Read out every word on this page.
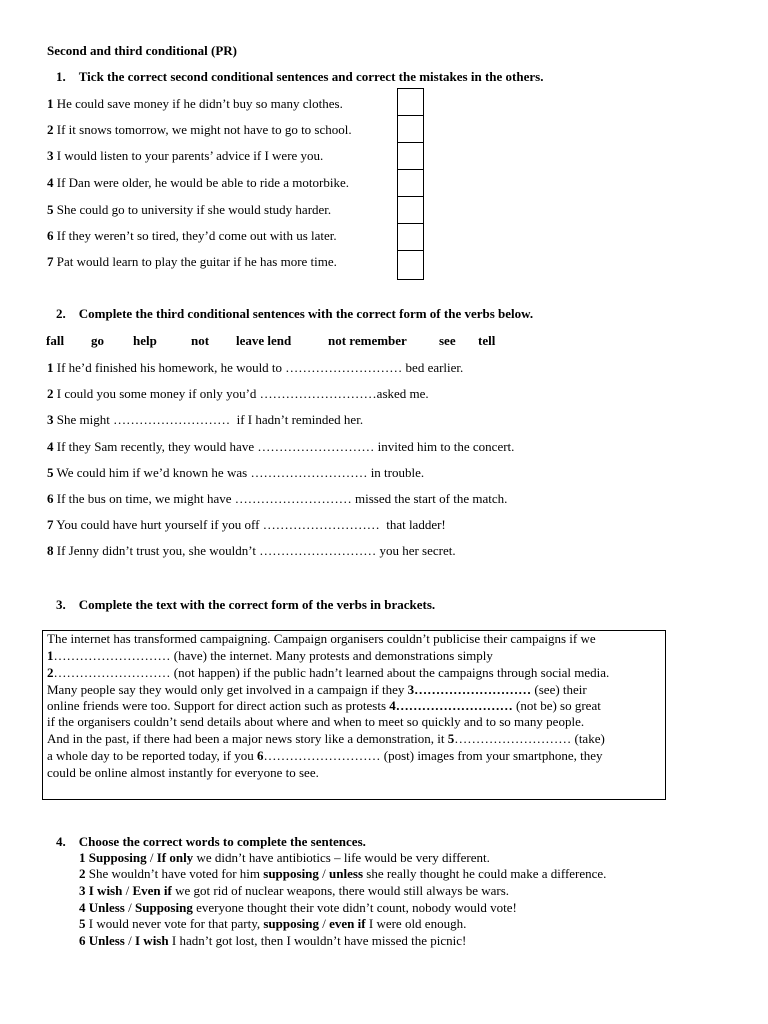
Second and third conditional (PR)
1. Tick the correct second conditional sentences and correct the mistakes in the others.
1 He could save money if he didn’t buy so many clothes.
2 If it snows tomorrow, we might not have to go to school.
3 I would listen to your parents’ advice if I were you.
4 If Dan were older, he would be able to ride a motorbike.
5 She could go to university if she would study harder.
6 If they weren’t so tired, they’d come out with us later.
7 Pat would learn to play the guitar if he has more time.
2. Complete the third conditional sentences with the correct form of the verbs below.
fall go help	not leave lend	not remember see tell
1 If he’d finished his homework, he would to ……………………… bed earlier.
2 I could you some money if only you’d ………………………asked me.
3 She might ………………………  if I hadn’t reminded her.
4 If they Sam recently, they would have ……………………… invited him to the concert.
5 We could him if we’d known he was ……………………… in trouble.
6 If the bus on time, we might have ……………………… missed the start of the match.
7 You could have hurt yourself if you off ………………………  that ladder!
8 If Jenny didn’t trust you, she wouldn’t ……………………… you her secret.
3. Complete the text with the correct form of the verbs in brackets.
The internet has transformed campaigning. Campaign organisers couldn’t publicise their campaigns if we
1……………………… (have) the internet. Many protests and demonstrations simply
2……………………… (not happen) if the public hadn’t learned about the campaigns through social media.
Many people say they would only get involved in a campaign if they 3……………………… (see) their
online friends were too. Support for direct action such as protests 4……………………… (not be) so great
if the organisers couldn’t send details about where and when to meet so quickly and to so many people.
And in the past, if there had been a major news story like a demonstration, it 5……………………… (take)
a whole day to be reported today, if you 6……………………… (post) images from your smartphone, they
could be online almost instantly for everyone to see.
4. Choose the correct words to complete the sentences.
1 Supposing / If only we didn’t have antibiotics – life would be very different.
2 She wouldn’t have voted for him supposing / unless she really thought he could make a difference.
3 I wish / Even if we got rid of nuclear weapons, there would still always be wars.
4 Unless / Supposing everyone thought their vote didn’t count, nobody would vote!
5 I would never vote for that party, supposing / even if I were old enough.
6 Unless / I wish I hadn’t got lost, then I wouldn’t have missed the picnic!
